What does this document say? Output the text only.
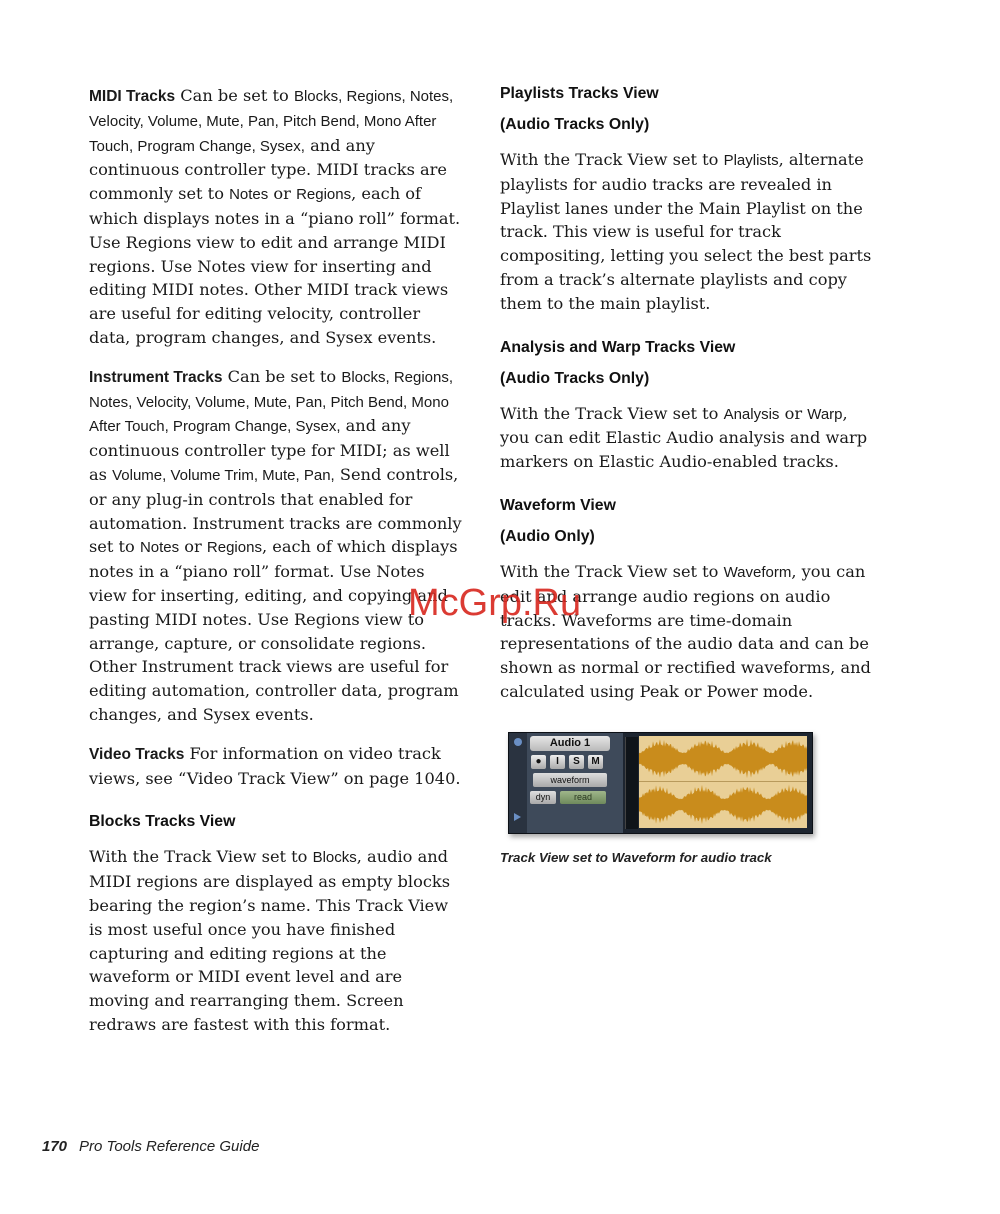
MIDI Tracks Can be set to Blocks, Regions, Notes, Velocity, Volume, Mute, Pan, Pitch Bend, Mono After Touch, Program Change, Sysex, and any continuous controller type. MIDI tracks are commonly set to Notes or Regions, each of which displays notes in a “piano roll” format. Use Regions view to edit and arrange MIDI regions. Use Notes view for inserting and editing MIDI notes. Other MIDI track views are useful for editing velocity, controller data, program changes, and Sysex events.

Instrument Tracks Can be set to Blocks, Regions, Notes, Velocity, Volume, Mute, Pan, Pitch Bend, Mono After Touch, Program Change, Sysex, and any continuous controller type for MIDI; as well as Volume, Volume Trim, Mute, Pan, Send controls, or any plug-in controls that enabled for automation. Instrument tracks are commonly set to Notes or Regions, each of which displays notes in a “piano roll” format. Use Notes view for inserting, editing, and copying and pasting MIDI notes. Use Regions view to arrange, capture, or consolidate regions. Other Instrument track views are useful for editing automation, controller data, program changes, and Sysex events.

Video Tracks For information on video track views, see “Video Track View” on page 1040.

Blocks Tracks View

With the Track View set to Blocks, audio and MIDI regions are displayed as empty blocks bearing the region’s name. This Track View is most useful once you have finished capturing and editing regions at the waveform or MIDI event level and are moving and rearranging them. Screen redraws are fastest with this format.

Playlists Tracks View
(Audio Tracks Only)

With the Track View set to Playlists, alternate playlists for audio tracks are revealed in Playlist lanes under the Main Playlist on the track. This view is useful for track compositing, letting you select the best parts from a track’s alternate playlists and copy them to the main playlist.

Analysis and Warp Tracks View
(Audio Tracks Only)

With the Track View set to Analysis or Warp, you can edit Elastic Audio analysis and warp markers on Elastic Audio-enabled tracks.

Waveform View
(Audio Only)

With the Track View set to Waveform, you can edit and arrange audio regions on audio tracks. Waveforms are time-domain representations of the audio data and can be shown as normal or rectified waveforms, and calculated using Peak or Power mode.

Audio 1
●	I	S	M
waveform
dyn	read
Track View set to Waveform for audio track
McGrp.Ru
170 Pro Tools Reference Guide
